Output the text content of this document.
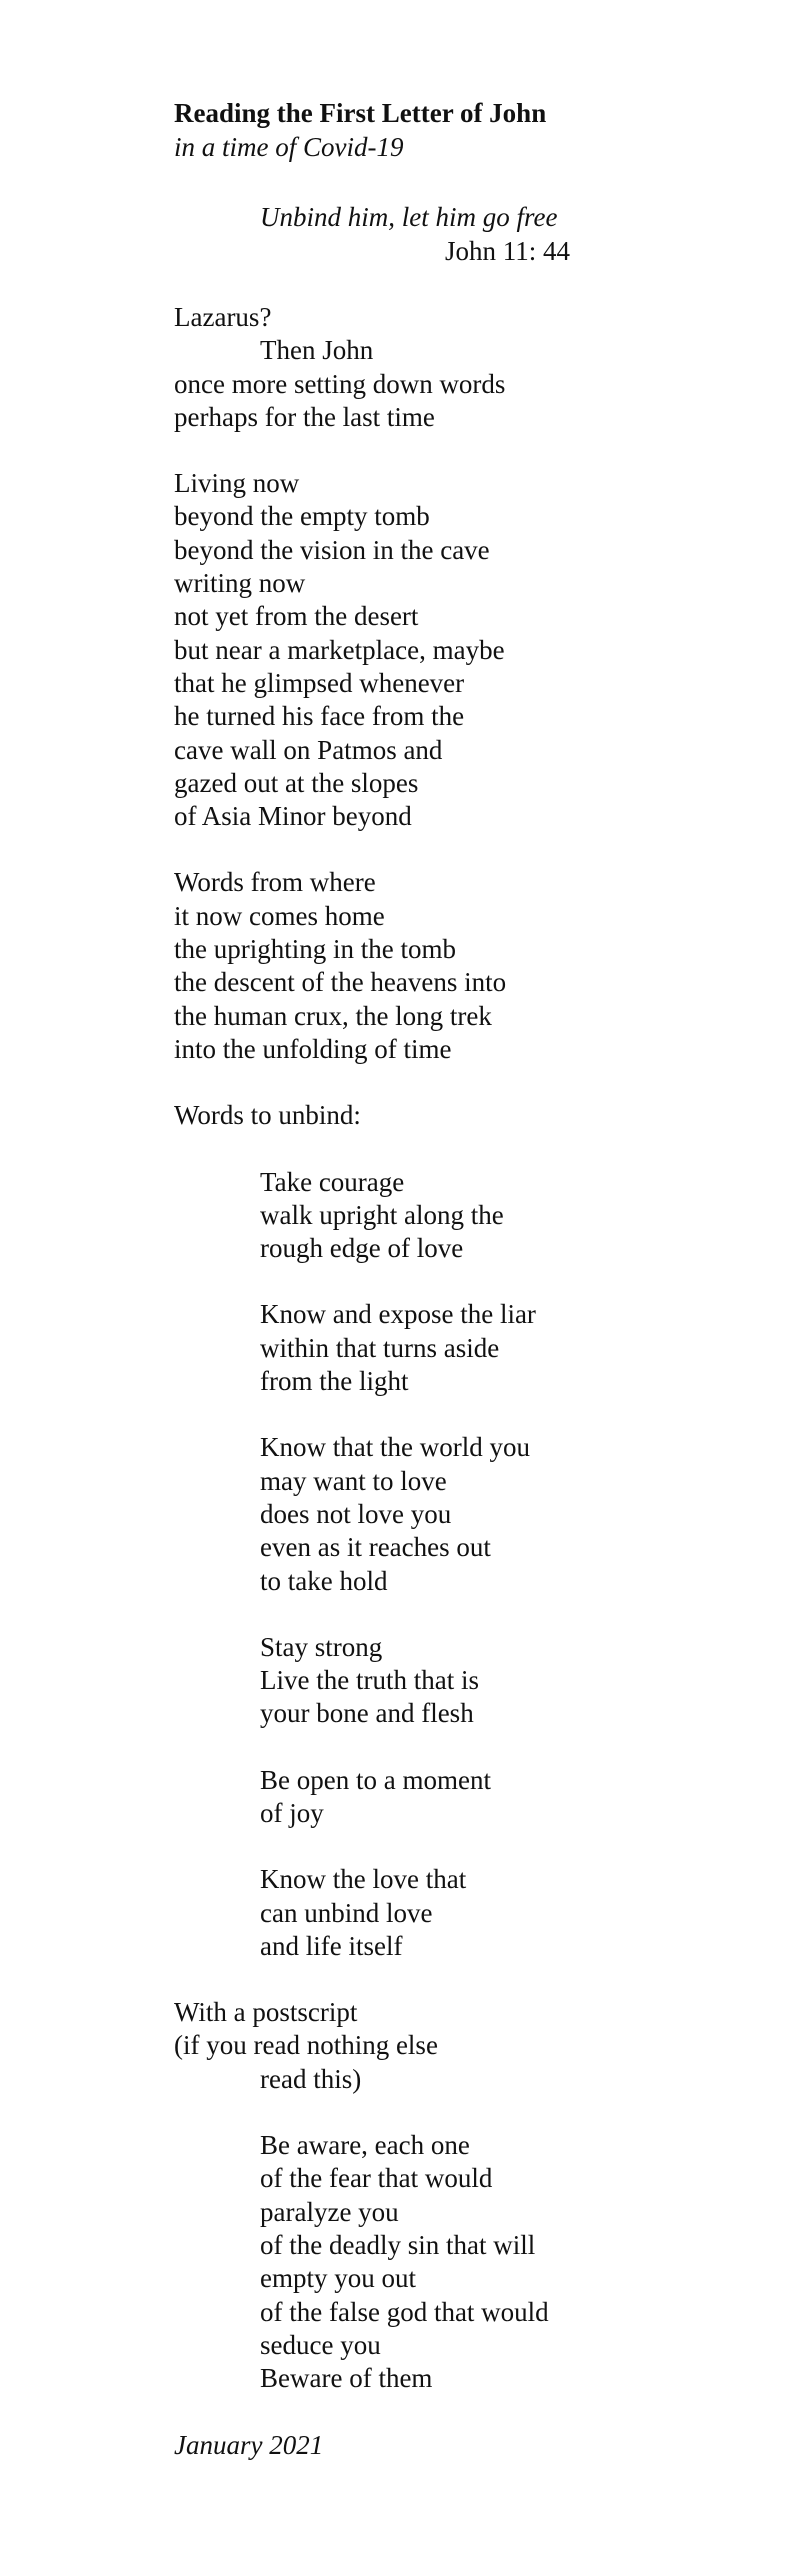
Reading the First Letter of John
in a time of Covid-19
Unbind him, let him go free
John 11: 44
Lazarus?
Then John
once more setting down words
perhaps for the last time
Living now
beyond the empty tomb
beyond the vision in the cave
writing now
not yet from the desert
but near a marketplace, maybe
that he glimpsed whenever
he turned his face from the
cave wall on Patmos and
gazed out at the slopes
of Asia Minor beyond
Words from where
it now comes home
the uprighting in the tomb
the descent of the heavens into
the human crux, the long trek
into the unfolding of time
Words to unbind:
Take courage
walk upright along the
rough edge of love
Know and expose the liar
within that turns aside
from the light
Know that the world you
may want to love
does not love you
even as it reaches out
to take hold
Stay strong
Live the truth that is
your bone and flesh
Be open to a moment
of joy
Know the love that
can unbind love
and life itself
With a postscript
(if you read nothing else
read this)
Be aware, each one
of the fear that would
paralyze you
of the deadly sin that will
empty you out
of the false god that would
seduce you
Beware of them
January 2021
